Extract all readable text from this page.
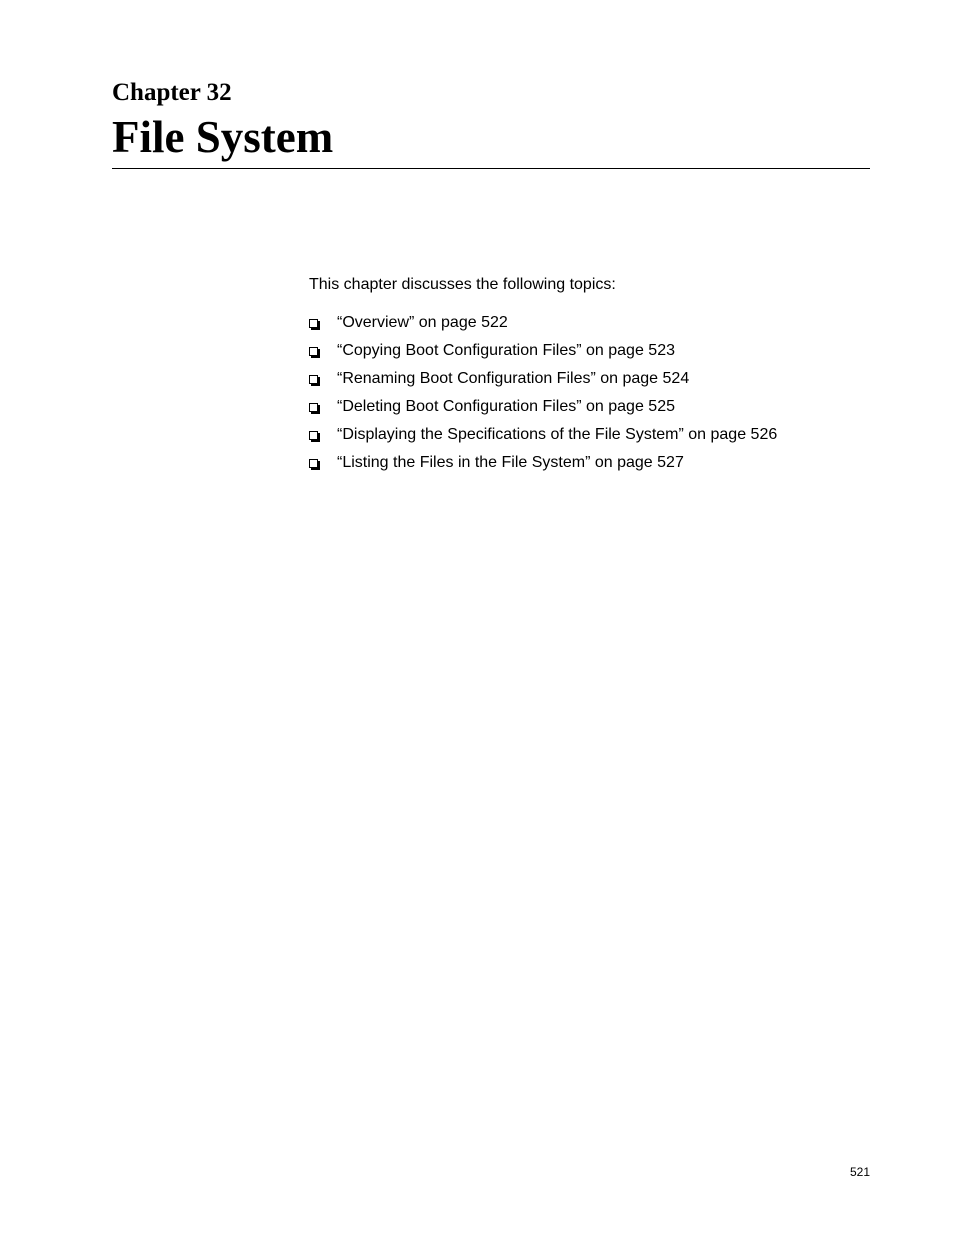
Chapter 32
File System

This chapter discusses the following topics:

“Overview” on page 522
“Copying Boot Configuration Files” on page 523
“Renaming Boot Configuration Files” on page 524
“Deleting Boot Configuration Files” on page 525
“Displaying the Specifications of the File System” on page 526
“Listing the Files in the File System” on page 527

521
